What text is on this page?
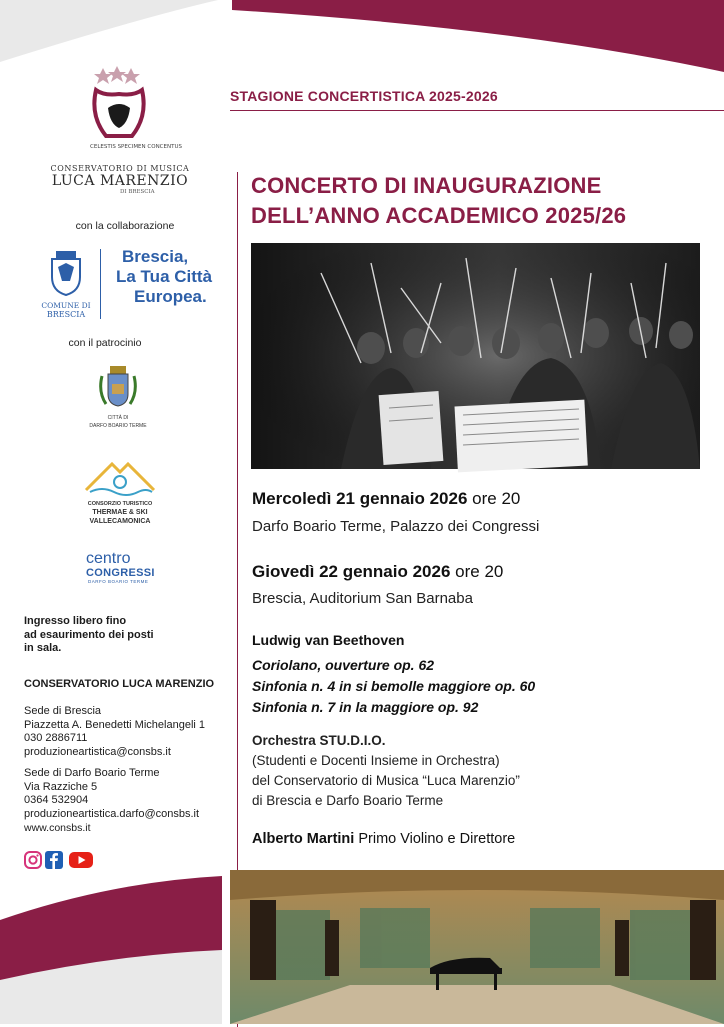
CELESTIS SPECIMEN CONCENTUS
CONSERVATORIO DI MUSICA
LUCA MARENZIO
DI BRESCIA
con la collaborazione
COMUNE DI
BRESCIA
Brescia,
La Tua Città
Europea.
con il patrocinio
CITTÀ DI
DARFO BOARIO TERME
CONSORZIO TURISTICO
THERMAE & SKI
VALLECAMONICA
centro
CONGRESSI
DARFO BOARIO TERME
Ingresso libero fino
ad esaurimento dei posti
in sala.
CONSERVATORIO LUCA MARENZIO
Sede di Brescia
Piazzetta A. Benedetti Michelangeli 1
030 2886711
produzioneartistica@consbs.it
Sede di Darfo Boario Terme
Via Razziche 5
0364 532904
produzioneartistica.darfo@consbs.it
www.consbs.it
STAGIONE CONCERTISTICA 2025-2026
CONCERTO DI INAUGURAZIONE
DELL’ANNO ACCADEMICO 2025/26
Mercoledì 21 gennaio 2026 ore 20
Darfo Boario Terme, Palazzo dei Congressi
Giovedì 22 gennaio 2026 ore 20
Brescia, Auditorium San Barnaba
Ludwig van Beethoven
Coriolano, ouverture op. 62
Sinfonia n. 4 in si bemolle maggiore op. 60
Sinfonia n. 7 in la maggiore op. 92
Orchestra STU.D.I.O.
(Studenti e Docenti Insieme in Orchestra)
del Conservatorio di Musica “Luca Marenzio”
di Brescia e Darfo Boario Terme
Alberto Martini Primo Violino e Direttore
